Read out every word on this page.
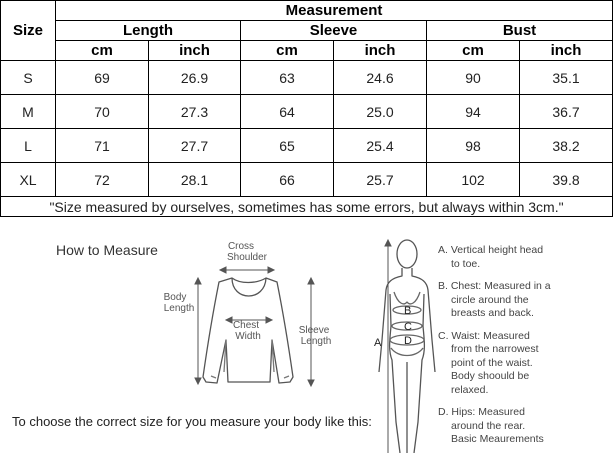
Size	Measurement					
	Length		Sleeve		Bust	
	cm	inch	cm	inch	cm	inch
S	69	26.9	63	24.6	90	35.1
M	70	27.3	64	25.0	94	36.7
L	71	27.7	65	25.4	98	38.2
XL	72	28.1	66	25.7	102	39.8
"Size measured by ourselves, sometimes has some errors, but always within 3cm."						
How to Measure	Cross
Shoulder
Body
Length
Chest
Width
Sleeve
Length
B
C
D
A
A. Vertical height head
to toe.
B. Chest: Measured in a
circle around the
breasts and back.
C. Waist: Measured
from the narrowest
point of the waist.
Body shoould be
relaxed.
D. Hips: Measured
around the rear.
Basic Meaurements
To choose the correct size for you measure your body like this:
